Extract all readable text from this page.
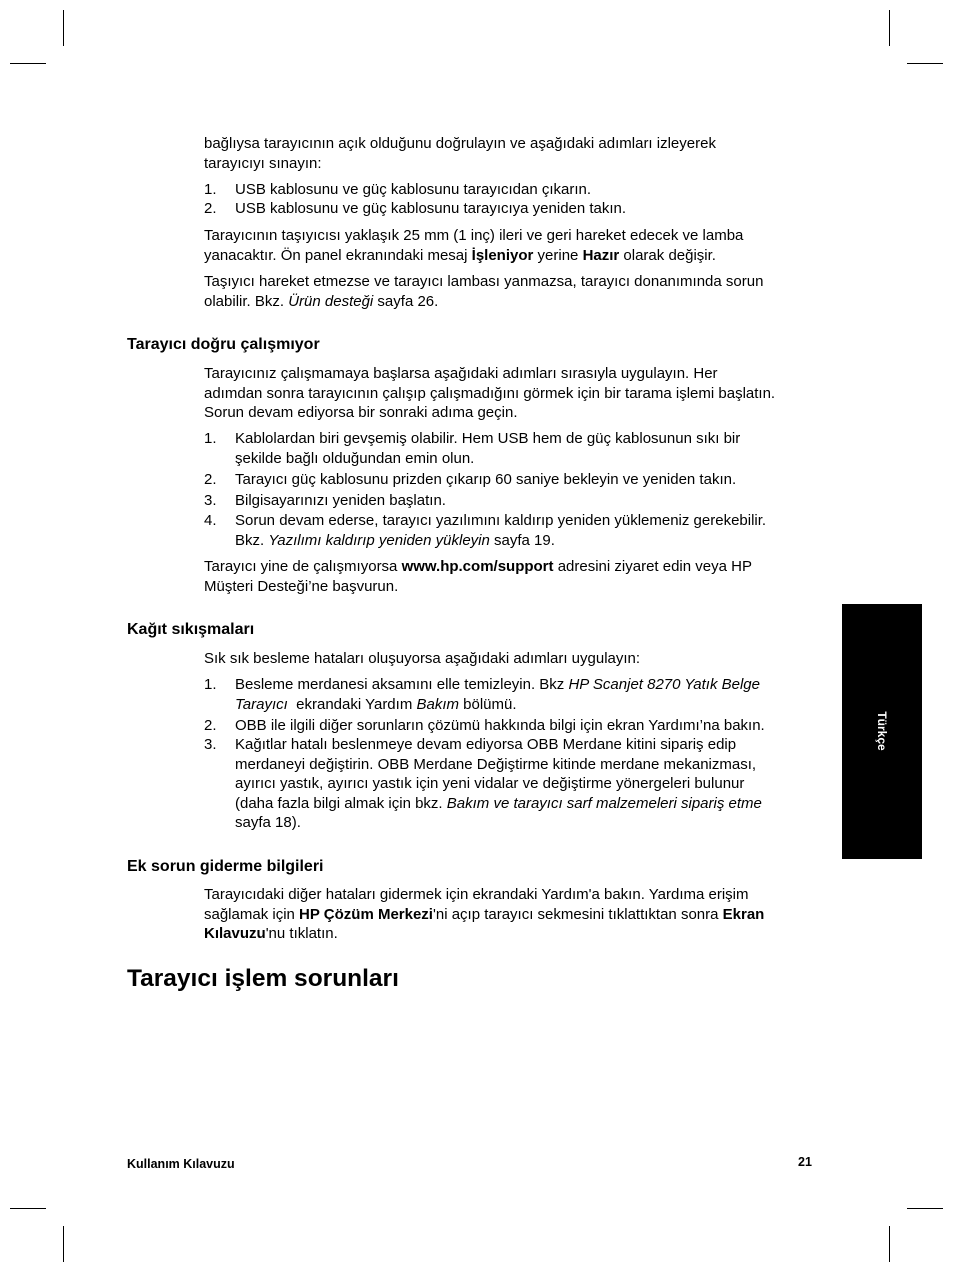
bağlıysa tarayıcının açık olduğunu doğrulayın ve aşağıdaki adımları izleyerek
tarayıcıyı sınayın:
1. USB kablosunu ve güç kablosunu tarayıcıdan çıkarın.
2. USB kablosunu ve güç kablosunu tarayıcıya yeniden takın.
Tarayıcının taşıyıcısı yaklaşık 25 mm (1 inç) ileri ve geri hareket edecek ve lamba
yanacaktır. Ön panel ekranındaki mesaj İşleniyor yerine Hazır olarak değişir.
Taşıyıcı hareket etmezse ve tarayıcı lambası yanmazsa, tarayıcı donanımında sorun
olabilir. Bkz. Ürün desteği sayfa 26.
Tarayıcı doğru çalışmıyor
Tarayıcınız çalışmamaya başlarsa aşağıdaki adımları sırasıyla uygulayın. Her
adımdan sonra tarayıcının çalışıp çalışmadığını görmek için bir tarama işlemi başlatın.
Sorun devam ediyorsa bir sonraki adıma geçin.
1. Kablolardan biri gevşemiş olabilir. Hem USB hem de güç kablosunun sıkı bir
şekilde bağlı olduğundan emin olun.
2. Tarayıcı güç kablosunu prizden çıkarıp 60 saniye bekleyin ve yeniden takın.
3. Bilgisayarınızı yeniden başlatın.
4. Sorun devam ederse, tarayıcı yazılımını kaldırıp yeniden yüklemeniz gerekebilir.
Bkz. Yazılımı kaldırıp yeniden yükleyin sayfa 19.
Tarayıcı yine de çalışmıyorsa www.hp.com/support adresini ziyaret edin veya HP
Müşteri Desteği’ne başvurun.
Kağıt sıkışmaları
Sık sık besleme hataları oluşuyorsa aşağıdaki adımları uygulayın:
1. Besleme merdanesi aksamını elle temizleyin. Bkz HP Scanjet 8270 Yatık Belge
Tarayıcı  ekrandaki Yardım Bakım bölümü.
2. OBB ile ilgili diğer sorunların çözümü hakkında bilgi için ekran Yardımı’na bakın.
3. Kağıtlar hatalı beslenmeye devam ediyorsa OBB Merdane kitini sipariş edip
merdaneyi değiştirin. OBB Merdane Değiştirme kitinde merdane mekanizması,
ayırıcı yastık, ayırıcı yastık için yeni vidalar ve değiştirme yönergeleri bulunur
(daha fazla bilgi almak için bkz. Bakım ve tarayıcı sarf malzemeleri sipariş etme
sayfa 18).
Ek sorun giderme bilgileri
Tarayıcıdaki diğer hataları gidermek için ekrandaki Yardım'a bakın. Yardıma erişim
sağlamak için HP Çözüm Merkezi'ni açıp tarayıcı sekmesini tıklattıktan sonra Ekran
Kılavuzu'nu tıklatın.
Tarayıcı işlem sorunları
Türkçe
Kullanım Kılavuzu	21
